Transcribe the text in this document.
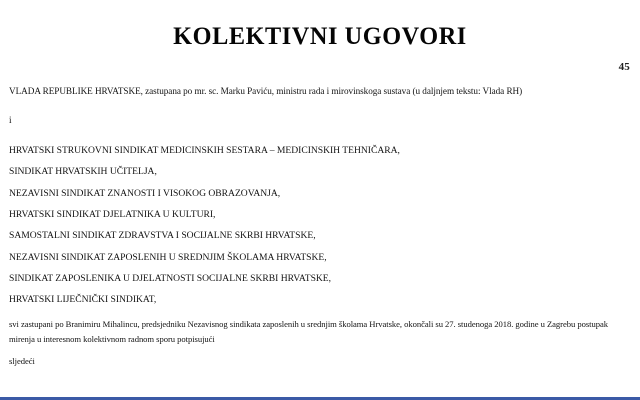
KOLEKTIVNI UGOVORI
45

VLADA REPUBLIKE HRVATSKE, zastupana po mr. sc. Marku Paviću, ministru rada i mirovinskoga sustava (u daljnjem tekstu: Vlada RH)

i

HRVATSKI STRUKOVNI SINDIKAT MEDICINSKIH SESTARA – MEDICINSKIH TEHNIČARA,
SINDIKAT HRVATSKIH UČITELJA,
NEZAVISNI SINDIKAT ZNANOSTI I VISOKOG OBRAZOVANJA,
HRVATSKI SINDIKAT DJELATNIKA U KULTURI,
SAMOSTALNI SINDIKAT ZDRAVSTVA I SOCIJALNE SKRBI HRVATSKE,
NEZAVISNI SINDIKAT ZAPOSLENIH U SREDNJIM ŠKOLAMA HRVATSKE,
SINDIKAT ZAPOSLENIKA U DJELATNOSTI SOCIJALNE SKRBI HRVATSKE,
HRVATSKI LIJEČNIČKI SINDIKAT,

svi zastupani po Branimiru Mihalincu, predsjedniku Nezavisnog sindikata zaposlenih u srednjim školama Hrvatske, okončali su 27. studenoga 2018. godine u Zagrebu postupak mirenja u interesnom kolektivnom radnom sporu potpisujući

sljedeći
